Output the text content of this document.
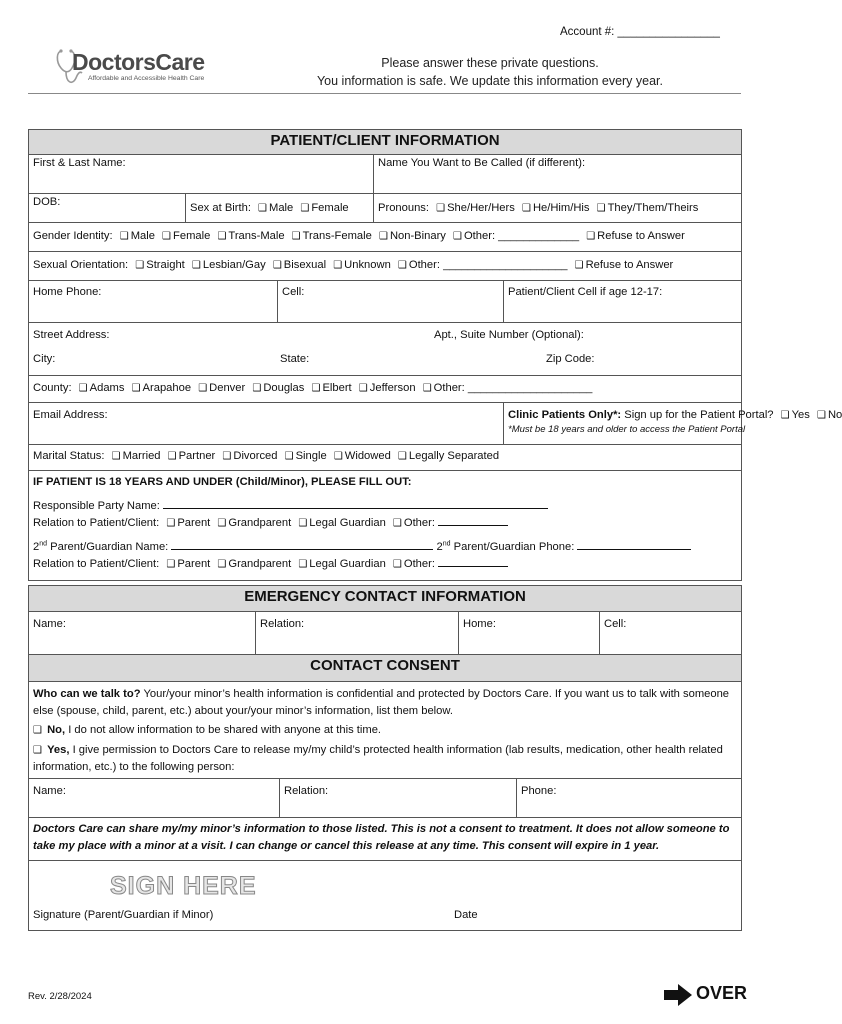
Account #: ________________
DoctorsCare
Affordable and Accessible Health Care
Please answer these private questions.
You information is safe. We update this information every year.
PATIENT/CLIENT INFORMATION				
First & Last Name:			Name You Want to Be Called (if different):	
DOB:	Sex at Birth: ❑ Male ❑ Female		Pronouns: ❑ She/Her/Hers ❑ He/Him/His ❑ They/Them/Theirs	
Gender Identity: ❑ Male ❑ Female ❑ Trans-Male ❑ Trans-Female ❑ Non-Binary ❑ Other: _____________ ❑ Refuse to Answer				
Sexual Orientation: ❑ Straight ❑ Lesbian/Gay ❑ Bisexual ❑ Unknown ❑ Other: ____________________ ❑ Refuse to Answer				
Home Phone:		Cell:		Patient/Client Cell if age 12-17:

Street Address: Apt., Suite Number (Optional):
City: State: Zip Code:				

County: ❑ Adams ❑ Arapahoe ❑ Denver ❑ Douglas ❑ Elbert ❑ Jefferson ❑ Other: ____________________				
Email Address:				Clinic Patients Only*: Sign up for the Patient Portal? ❑ Yes ❑ No
*Must be 18 years and older to access the Patient Portal

Marital Status: ❑ Married ❑ Partner ❑ Divorced ❑ Single ❑ Widowed ❑ Legally Separated				

IF PATIENT IS 18 YEARS AND UNDER (Child/Minor), PLEASE FILL OUT:
Responsible Party Name:
Relation to Patient/Client: ❑ Parent ❑ Grandparent ❑ Legal Guardian ❑ Other:
2nd Parent/Guardian Name: 2nd Parent/Guardian Phone:
Relation to Patient/Client: ❑ Parent ❑ Grandparent ❑ Legal Guardian ❑ Other:				
EMERGENCY CONTACT INFORMATION
Name:	Relation:	Home:	Cell:
CONTACT CONSENT

Who can we talk to? Your/your minor’s health information is confidential and protected by Doctors Care. If you want us to talk with someone else (spouse, child, parent, etc.) about your/your minor’s information, list them below.
❑ No, I do not allow information to be shared with anyone at this time.
❑ Yes, I give permission to Doctors Care to release my/my child’s protected health information (lab results, medication, other health related information, etc.) to the following person:

Name:	Relation:	Phone:
Doctors Care can share my/my minor’s information to those listed. This is not a consent to treatment. It does not allow someone to take my place with a minor at a visit. I can change or cancel this release at any time. This consent will expire in 1 year.

Signature (Parent/Guardian if Minor)	Date
SIGN HERE
Rev. 2/28/2024	OVER
